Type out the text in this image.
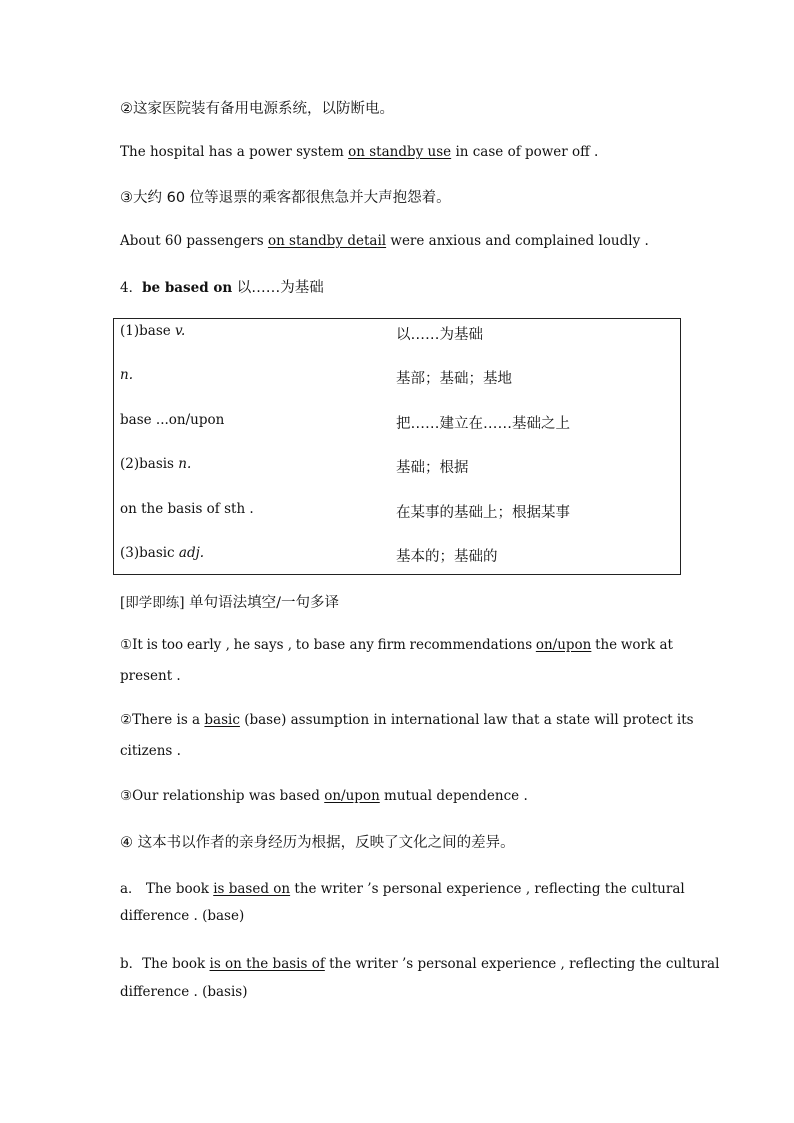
②这家医院装有备用电源系统，以防断电。
The hospital has a power system on standby use in case of power off .
③大约 60 位等退票的乘客都很焦急并大声抱怨着。
About 60 passengers on standby detail were anxious and complained loudly .
4．be based on 以……为基础
(1)base v.	以……为基础
n.	基部；基础；基地
base ...on/upon	把……建立在……基础之上
(2)basis n.	基础；根据
on the basis of sth .	在某事的基础上；根据某事
(3)basic adj.	基本的；基础的
[即学即练] 单句语法填空/一句多译
①It is too early , he says , to base any firm recommendations on/upon the work at
present .
②There is a basic (base) assumption in international law that a state will protect its
citizens .
③Our relationship was based on/upon mutual dependence .
④ 这本书以作者的亲身经历为根据，反映了文化之间的差异。
a． The book is based on the writer ’s personal experience , reflecting the cultural
difference . (base)
b．The book is on the basis of the writer ’s personal experience , reflecting the cultural
difference . (basis)
